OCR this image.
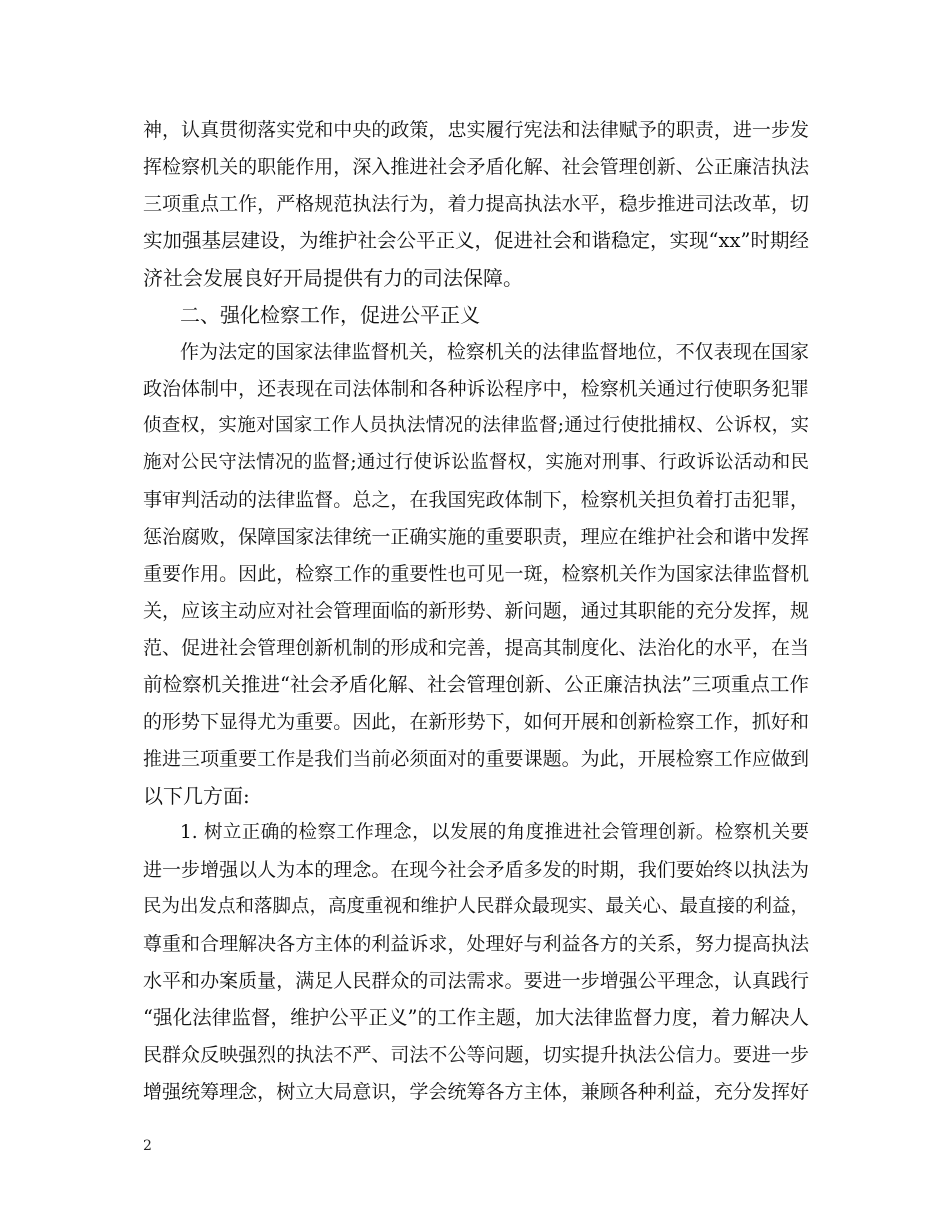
神，认真贯彻落实党和中央的政策，忠实履行宪法和法律赋予的职责，进一步发
挥检察机关的职能作用，深入推进社会矛盾化解、社会管理创新、公正廉洁执法
三项重点工作，严格规范执法行为，着力提高执法水平，稳步推进司法改革，切
实加强基层建设，为维护社会公平正义，促进社会和谐稳定，实现“xx”时期经
济社会发展良好开局提供有力的司法保障。
二、强化检察工作，促进公平正义
作为法定的国家法律监督机关，检察机关的法律监督地位，不仅表现在国家
政治体制中，还表现在司法体制和各种诉讼程序中，检察机关通过行使职务犯罪
侦查权，实施对国家工作人员执法情况的法律监督;通过行使批捕权、公诉权，实
施对公民守法情况的监督;通过行使诉讼监督权，实施对刑事、行政诉讼活动和民
事审判活动的法律监督。总之，在我国宪政体制下，检察机关担负着打击犯罪，
惩治腐败，保障国家法律统一正确实施的重要职责，理应在维护社会和谐中发挥
重要作用。因此，检察工作的重要性也可见一斑，检察机关作为国家法律监督机
关，应该主动应对社会管理面临的新形势、新问题，通过其职能的充分发挥，规
范、促进社会管理创新机制的形成和完善，提高其制度化、法治化的水平，在当
前检察机关推进“社会矛盾化解、社会管理创新、公正廉洁执法”三项重点工作
的形势下显得尤为重要。因此，在新形势下，如何开展和创新检察工作，抓好和
推进三项重要工作是我们当前必须面对的重要课题。为此，开展检察工作应做到
以下几方面:
1. 树立正确的检察工作理念，以发展的角度推进社会管理创新。检察机关要
进一步增强以人为本的理念。在现今社会矛盾多发的时期，我们要始终以执法为
民为出发点和落脚点，高度重视和维护人民群众最现实、最关心、最直接的利益，
尊重和合理解决各方主体的利益诉求，处理好与利益各方的关系，努力提高执法
水平和办案质量，满足人民群众的司法需求。要进一步增强公平理念，认真践行
“强化法律监督，维护公平正义”的工作主题，加大法律监督力度，着力解决人
民群众反映强烈的执法不严、司法不公等问题，切实提升执法公信力。要进一步
增强统筹理念，树立大局意识，学会统筹各方主体，兼顾各种利益，充分发挥好
2
